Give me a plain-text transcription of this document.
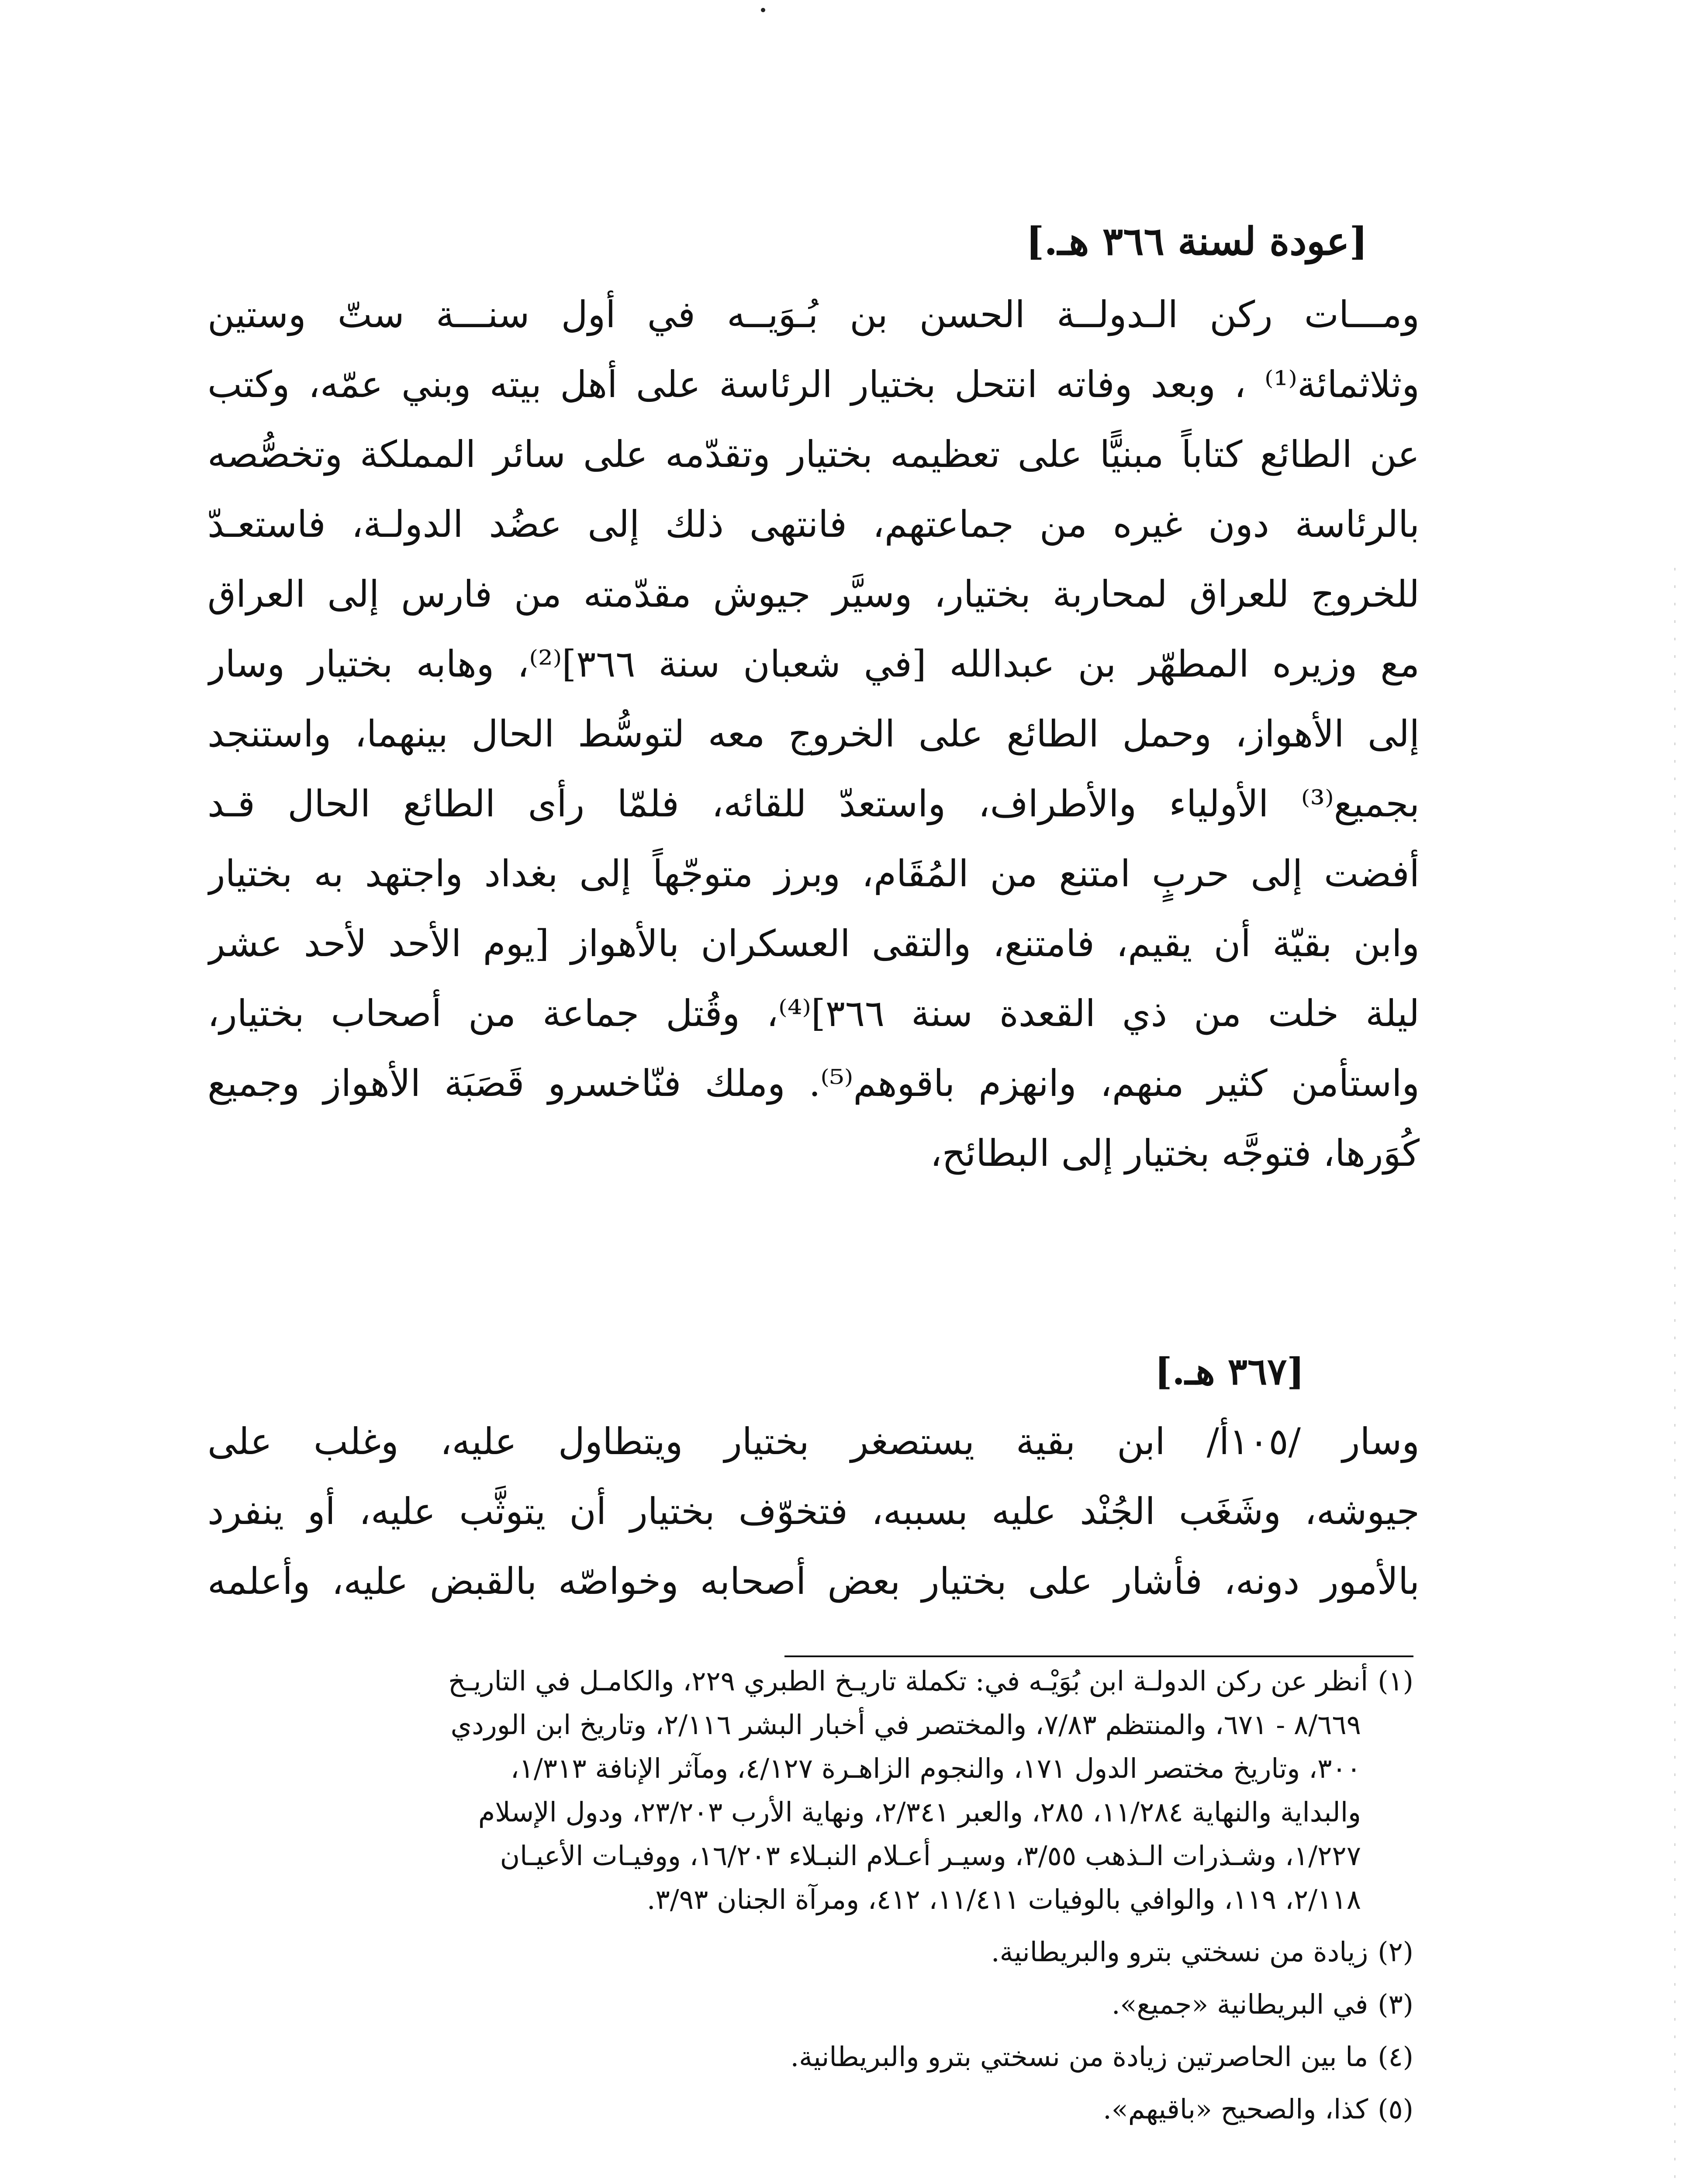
[عودة لسنة ٣٦٦ هـ.]
ومـــات ركن الـدولــة الحسن بن بُـوَيــه في أول سنـــة ستّ وستين
وثلاثمائة⁽¹⁾ ، وبعد وفاته انتحل بختيار الرئاسة على أهل بيته وبني عمّه، وكتب
عن الطائع كتاباً مبنيًّا على تعظيمه بختيار وتقدّمه على سائر المملكة وتخصُّصه
بالرئاسة دون غيره من جماعتهم، فانتهى ذلك إلى عضُد الدولـة، فاستعـدّ
للخروج للعراق لمحاربة بختيار، وسيَّر جيوش مقدّمته من فارس إلى العراق
مع وزيره المطهّر بن عبدالله [في شعبان سنة ٣٦٦]⁽²⁾، وهابه بختيار وسار
إلى الأهواز، وحمل الطائع على الخروج معه لتوسُّط الحال بينهما، واستنجد
بجميع⁽³⁾ الأولياء والأطراف، واستعدّ للقائه، فلمّا رأى الطائع الحال قـد
أفضت إلى حربٍ امتنع من المُقَام، وبرز متوجّهاً إلى بغداد واجتهد به بختيار
وابن بقيّة أن يقيم، فامتنع، والتقى العسكران بالأهواز [يوم الأحد لأحد عشر
ليلة خلت من ذي القعدة سنة ٣٦٦]⁽⁴⁾، وقُتل جماعة من أصحاب بختيار،
واستأمن كثير منهم، وانهزم باقوهم⁽⁵⁾. وملك فنّاخسرو قَصَبَة الأهواز وجميع
كُوَرها، فتوجَّه بختيار إلى البطائح،
[٣٦٧ هـ.]
وسار /١٠٥أ/ ابن بقية يستصغر بختيار ويتطاول عليه، وغلب على
جيوشه، وشَغَب الجُنْد عليه بسببه، فتخوّف بختيار أن يتوثَّب عليه، أو ينفرد
بالأمور دونه، فأشار على بختيار بعض أصحابه وخواصّه بالقبض عليه، وأعلمه
(١)أنظر عن ركن الدولـة ابن بُوَيْـه في: تكملة تاريـخ الطبري ٢٢٩، والكامـل في التاريـخ
٨/٦٦٩ - ٦٧١، والمنتظم ٧/٨٣، والمختصر في أخبار البشر ٢/١١٦، وتاريخ ابن الوردي
٣٠٠، وتاريخ مختصر الدول ١٧١، والنجوم الزاهـرة ٤/١٢٧، ومآثر الإنافة ١/٣١٣،
والبداية والنهاية ١١/٢٨٤، ٢٨٥، والعبر ٢/٣٤١، ونهاية الأرب ٢٣/٢٠٣، ودول الإسلام
١/٢٢٧، وشـذرات الـذهب ٣/٥٥، وسيـر أعـلام النبـلاء ١٦/٢٠٣، ووفيـات الأعيـان
٢/١١٨، ١١٩، والوافي بالوفيات ١١/٤١١، ٤١٢، ومرآة الجنان ٣/٩٣.
(٢)زيادة من نسختي بترو والبريطانية.
(٣)في البريطانية «جميع».
(٤)ما بين الحاصرتين زيادة من نسختي بترو والبريطانية.
(٥)كذا، والصحيح «باقيهم».
